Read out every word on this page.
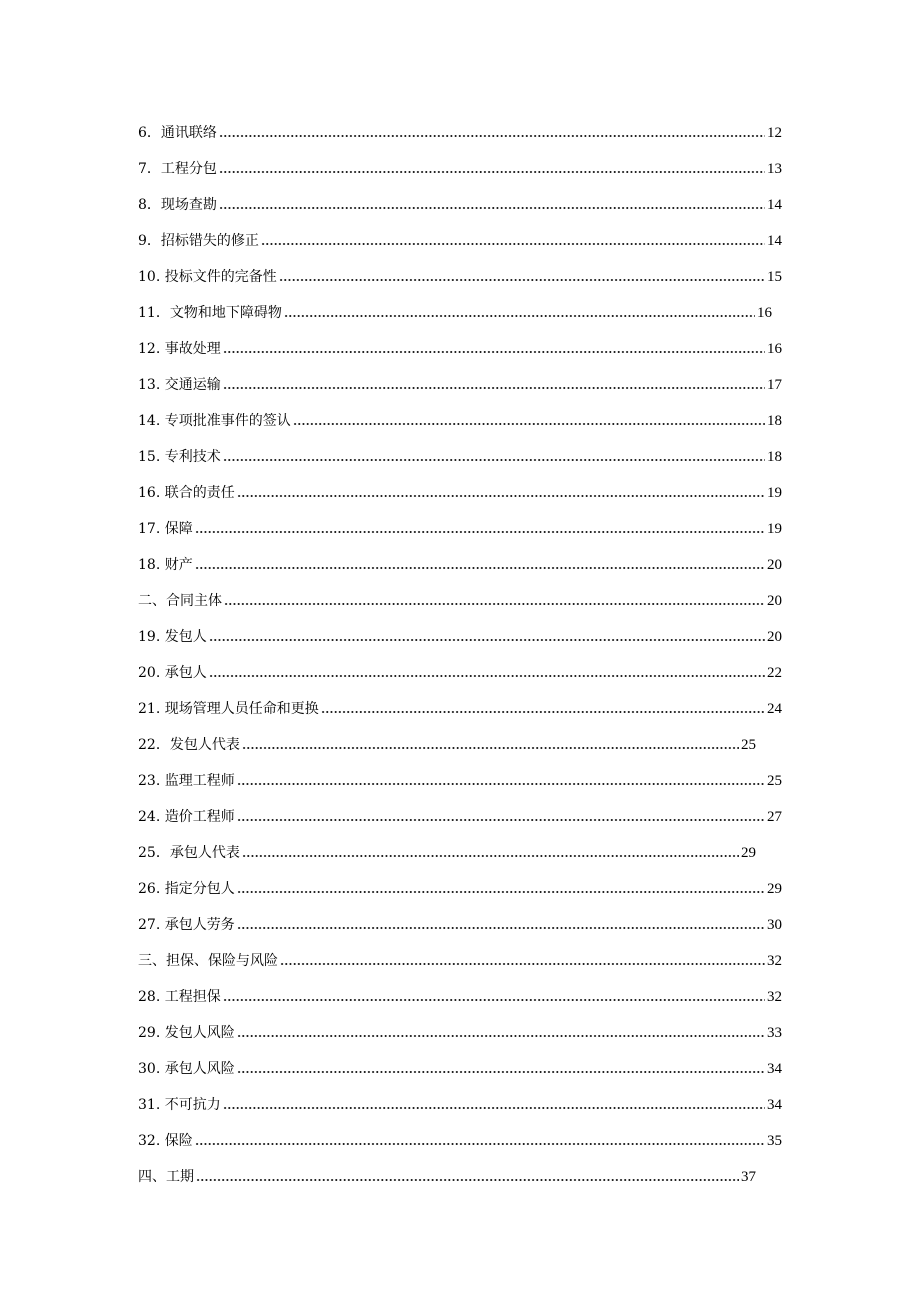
6．通讯联络	12
7．工程分包	13
8．现场查勘	14
9．招标错失的修正	14
10. 投标文件的完备性	15
11．文物和地下障碍物	16
12. 事故处理	16
13. 交通运输	17
14. 专项批准事件的签认	18
15. 专利技术	18
16. 联合的责任	19
17. 保障	19
18. 财产	20
二、合同主体	20
19. 发包人	20
20. 承包人	22
21. 现场管理人员任命和更换	24
22．发包人代表	25
23. 监理工程师	25
24. 造价工程师	27
25．承包人代表	29
26. 指定分包人	29
27. 承包人劳务	30
三、担保、保险与风险	32
28. 工程担保	32
29. 发包人风险	33
30. 承包人风险	34
31. 不可抗力	34
32. 保险	35
四、工期	37
